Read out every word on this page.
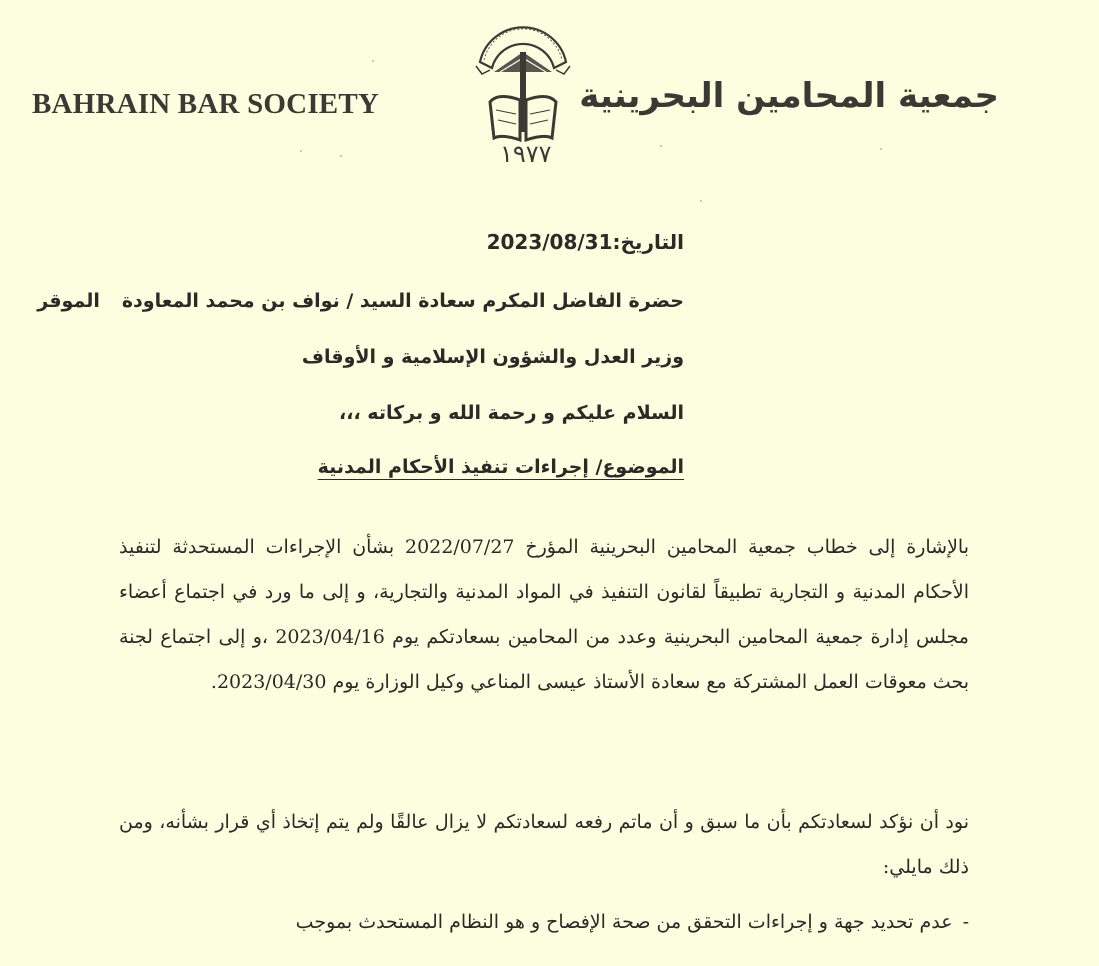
BAHRAIN BAR SOCIETY
١٩٧٧
جمعية المحامين البحرينية
التاريخ:2023/08/31
حضرة الفاضل المكرم سعادة السيد / نواف بن محمد المعاودةالموقر
وزير العدل والشؤون الإسلامية و الأوقاف
السلام عليكم و رحمة الله و بركاته ،،،
الموضوع/ إجراءات تنفيذ الأحكام المدنية
بالإشارة إلى خطاب جمعية المحامين البحرينية المؤرخ 2022/07/27 بشأن الإجراءات المستحدثة لتنفيذ الأحكام المدنية و التجارية تطبيقاً لقانون التنفيذ في المواد المدنية والتجارية، و إلى ما ورد في اجتماع أعضاء مجلس إدارة جمعية المحامين البحرينية وعدد من المحامين بسعادتكم يوم 2023/04/16 ،و إلى اجتماع لجنة بحث معوقات العمل المشتركة مع سعادة الأستاذ عيسى المناعي وكيل الوزارة يوم 2023/04/30.
نود أن نؤكد لسعادتكم بأن ما سبق و أن ماتم رفعه لسعادتكم لا يزال عالقًا ولم يتم إتخاذ أي قرار بشأنه، ومن ذلك مايلي:
-عدم تحديد جهة و إجراءات التحقق من صحة الإفصاح و هو النظام المستحدث بموجب
